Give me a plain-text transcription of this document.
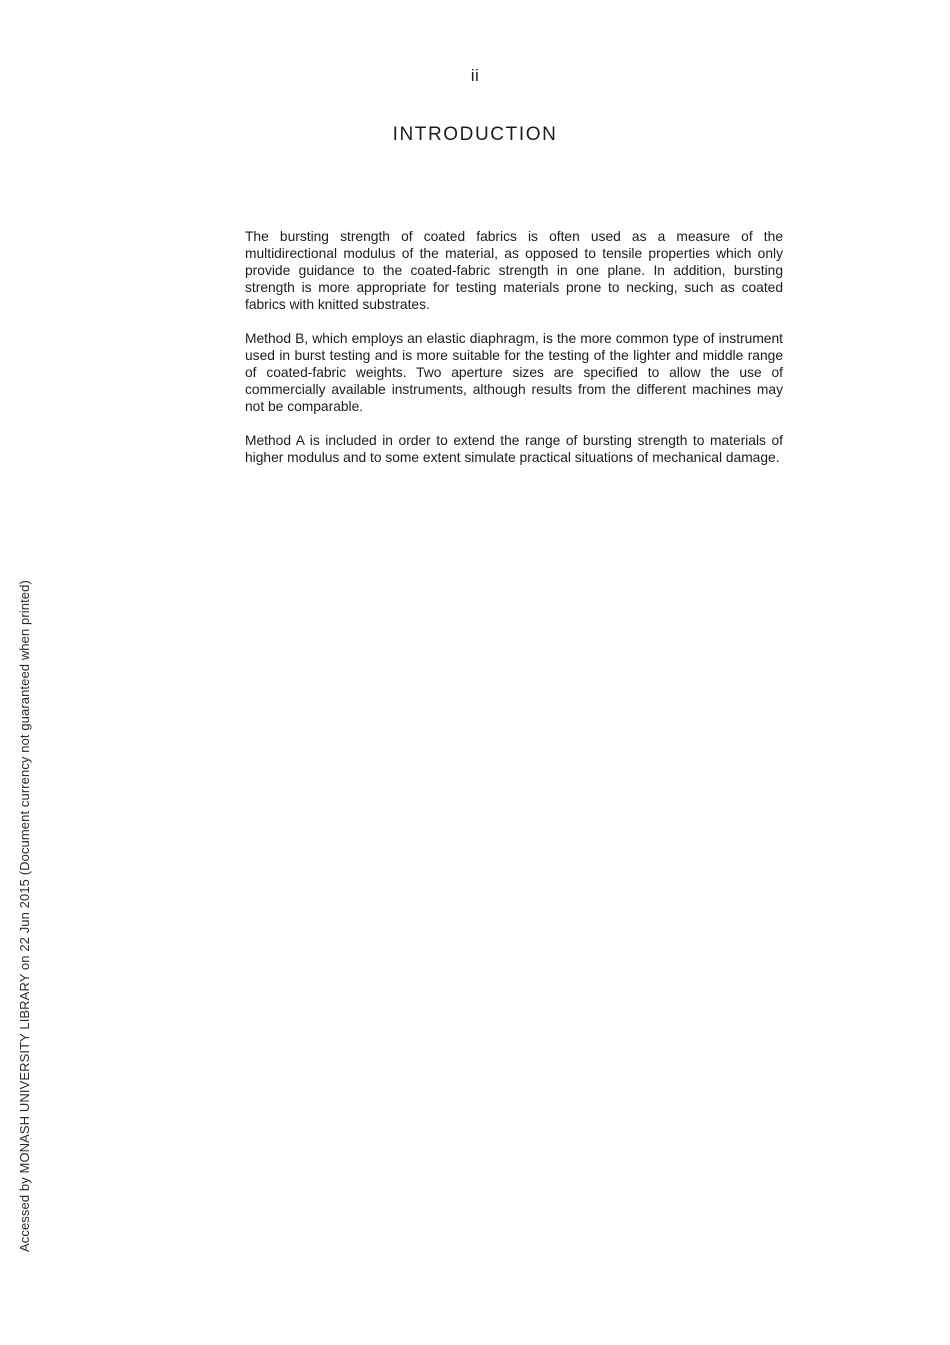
Accessed by MONASH UNIVERSITY LIBRARY on 22 Jun 2015 (Document currency not guaranteed when printed)
ii
INTRODUCTION

The bursting strength of coated fabrics is often used as a measure of the multidirectional modulus of the material, as opposed to tensile properties which only provide guidance to the coated-fabric strength in one plane. In addition, bursting strength is more appropriate for testing materials prone to necking, such as coated fabrics with knitted substrates.

Method B, which employs an elastic diaphragm, is the more common type of instrument used in burst testing and is more suitable for the testing of the lighter and middle range of coated-fabric weights. Two aperture sizes are specified to allow the use of commercially available instruments, although results from the different machines may not be comparable.

Method A is included in order to extend the range of bursting strength to materials of higher modulus and to some extent simulate practical situations of mechanical damage.
